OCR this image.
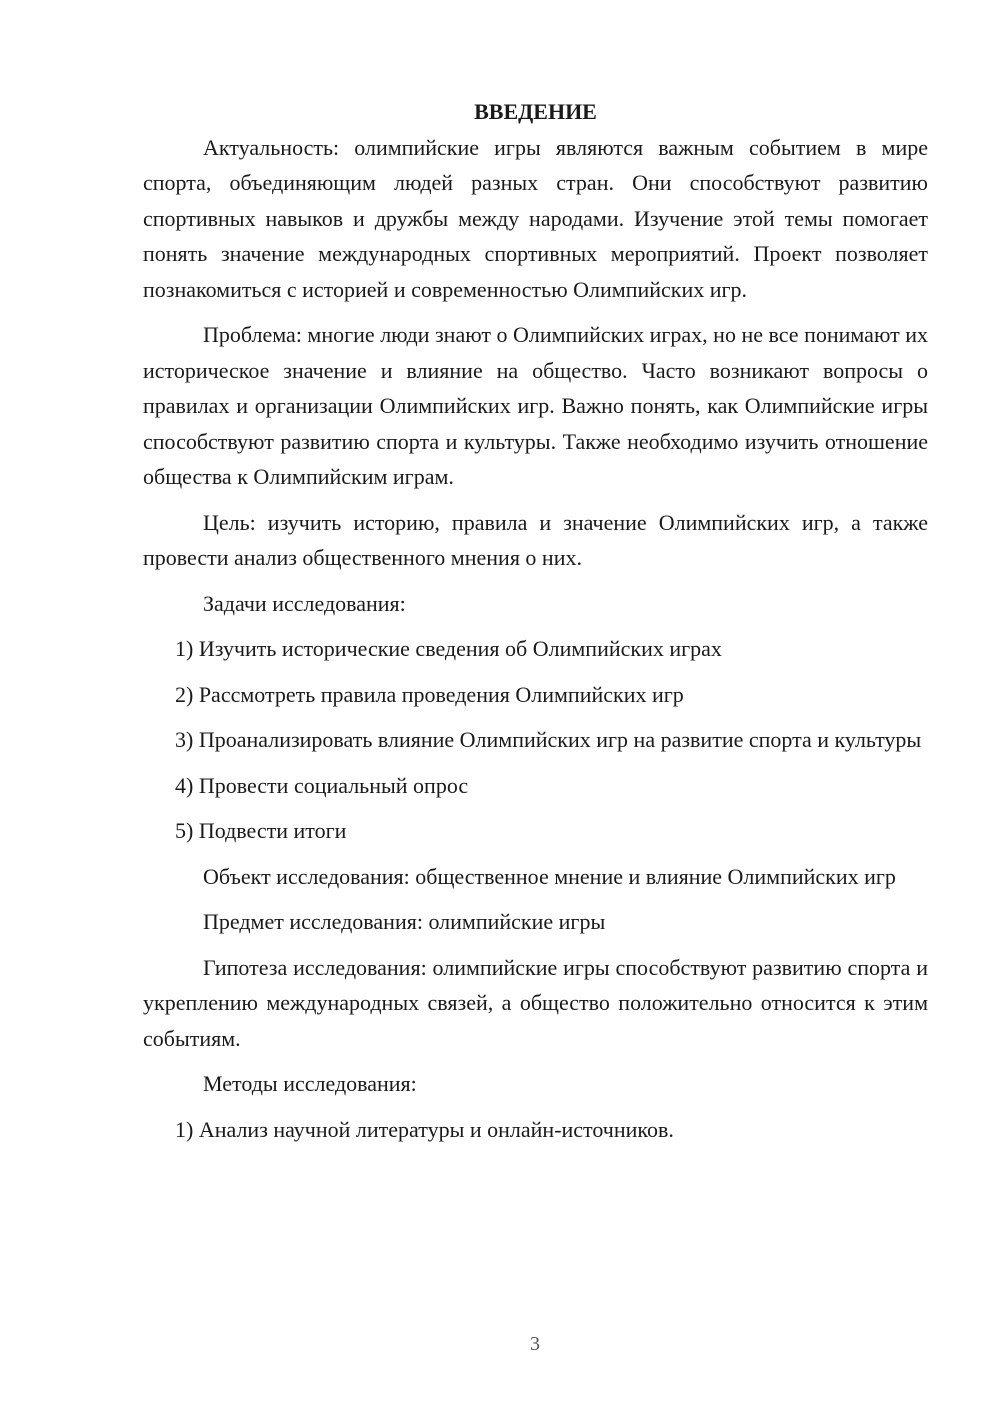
ВВЕДЕНИЕ

Актуальность: олимпийские игры являются важным событием в мире спорта, объединяющим людей разных стран. Они способствуют развитию спортивных навыков и дружбы между народами. Изучение этой темы помогает понять значение международных спортивных мероприятий. Проект позволяет познакомиться с историей и современностью Олимпийских игр.

Проблема: многие люди знают о Олимпийских играх, но не все понимают их историческое значение и влияние на общество. Часто возникают вопросы о правилах и организации Олимпийских игр. Важно понять, как Олимпийские игры способствуют развитию спорта и культуры. Также необходимо изучить отношение общества к Олимпийским играм.

Цель: изучить историю, правила и значение Олимпийских игр, а также провести анализ общественного мнения о них.

Задачи исследования:

1) Изучить исторические сведения об Олимпийских играх

2) Рассмотреть правила проведения Олимпийских игр

3) Проанализировать влияние Олимпийских игр на развитие спорта и культуры

4) Провести социальный опрос

5) Подвести итоги

Объект исследования: общественное мнение и влияние Олимпийских игр

Предмет исследования: олимпийские игры

Гипотеза исследования: олимпийские игры способствуют развитию спорта и укреплению международных связей, а общество положительно относится к этим событиям.

Методы исследования:

1) Анализ научной литературы и онлайн-источников.

3
